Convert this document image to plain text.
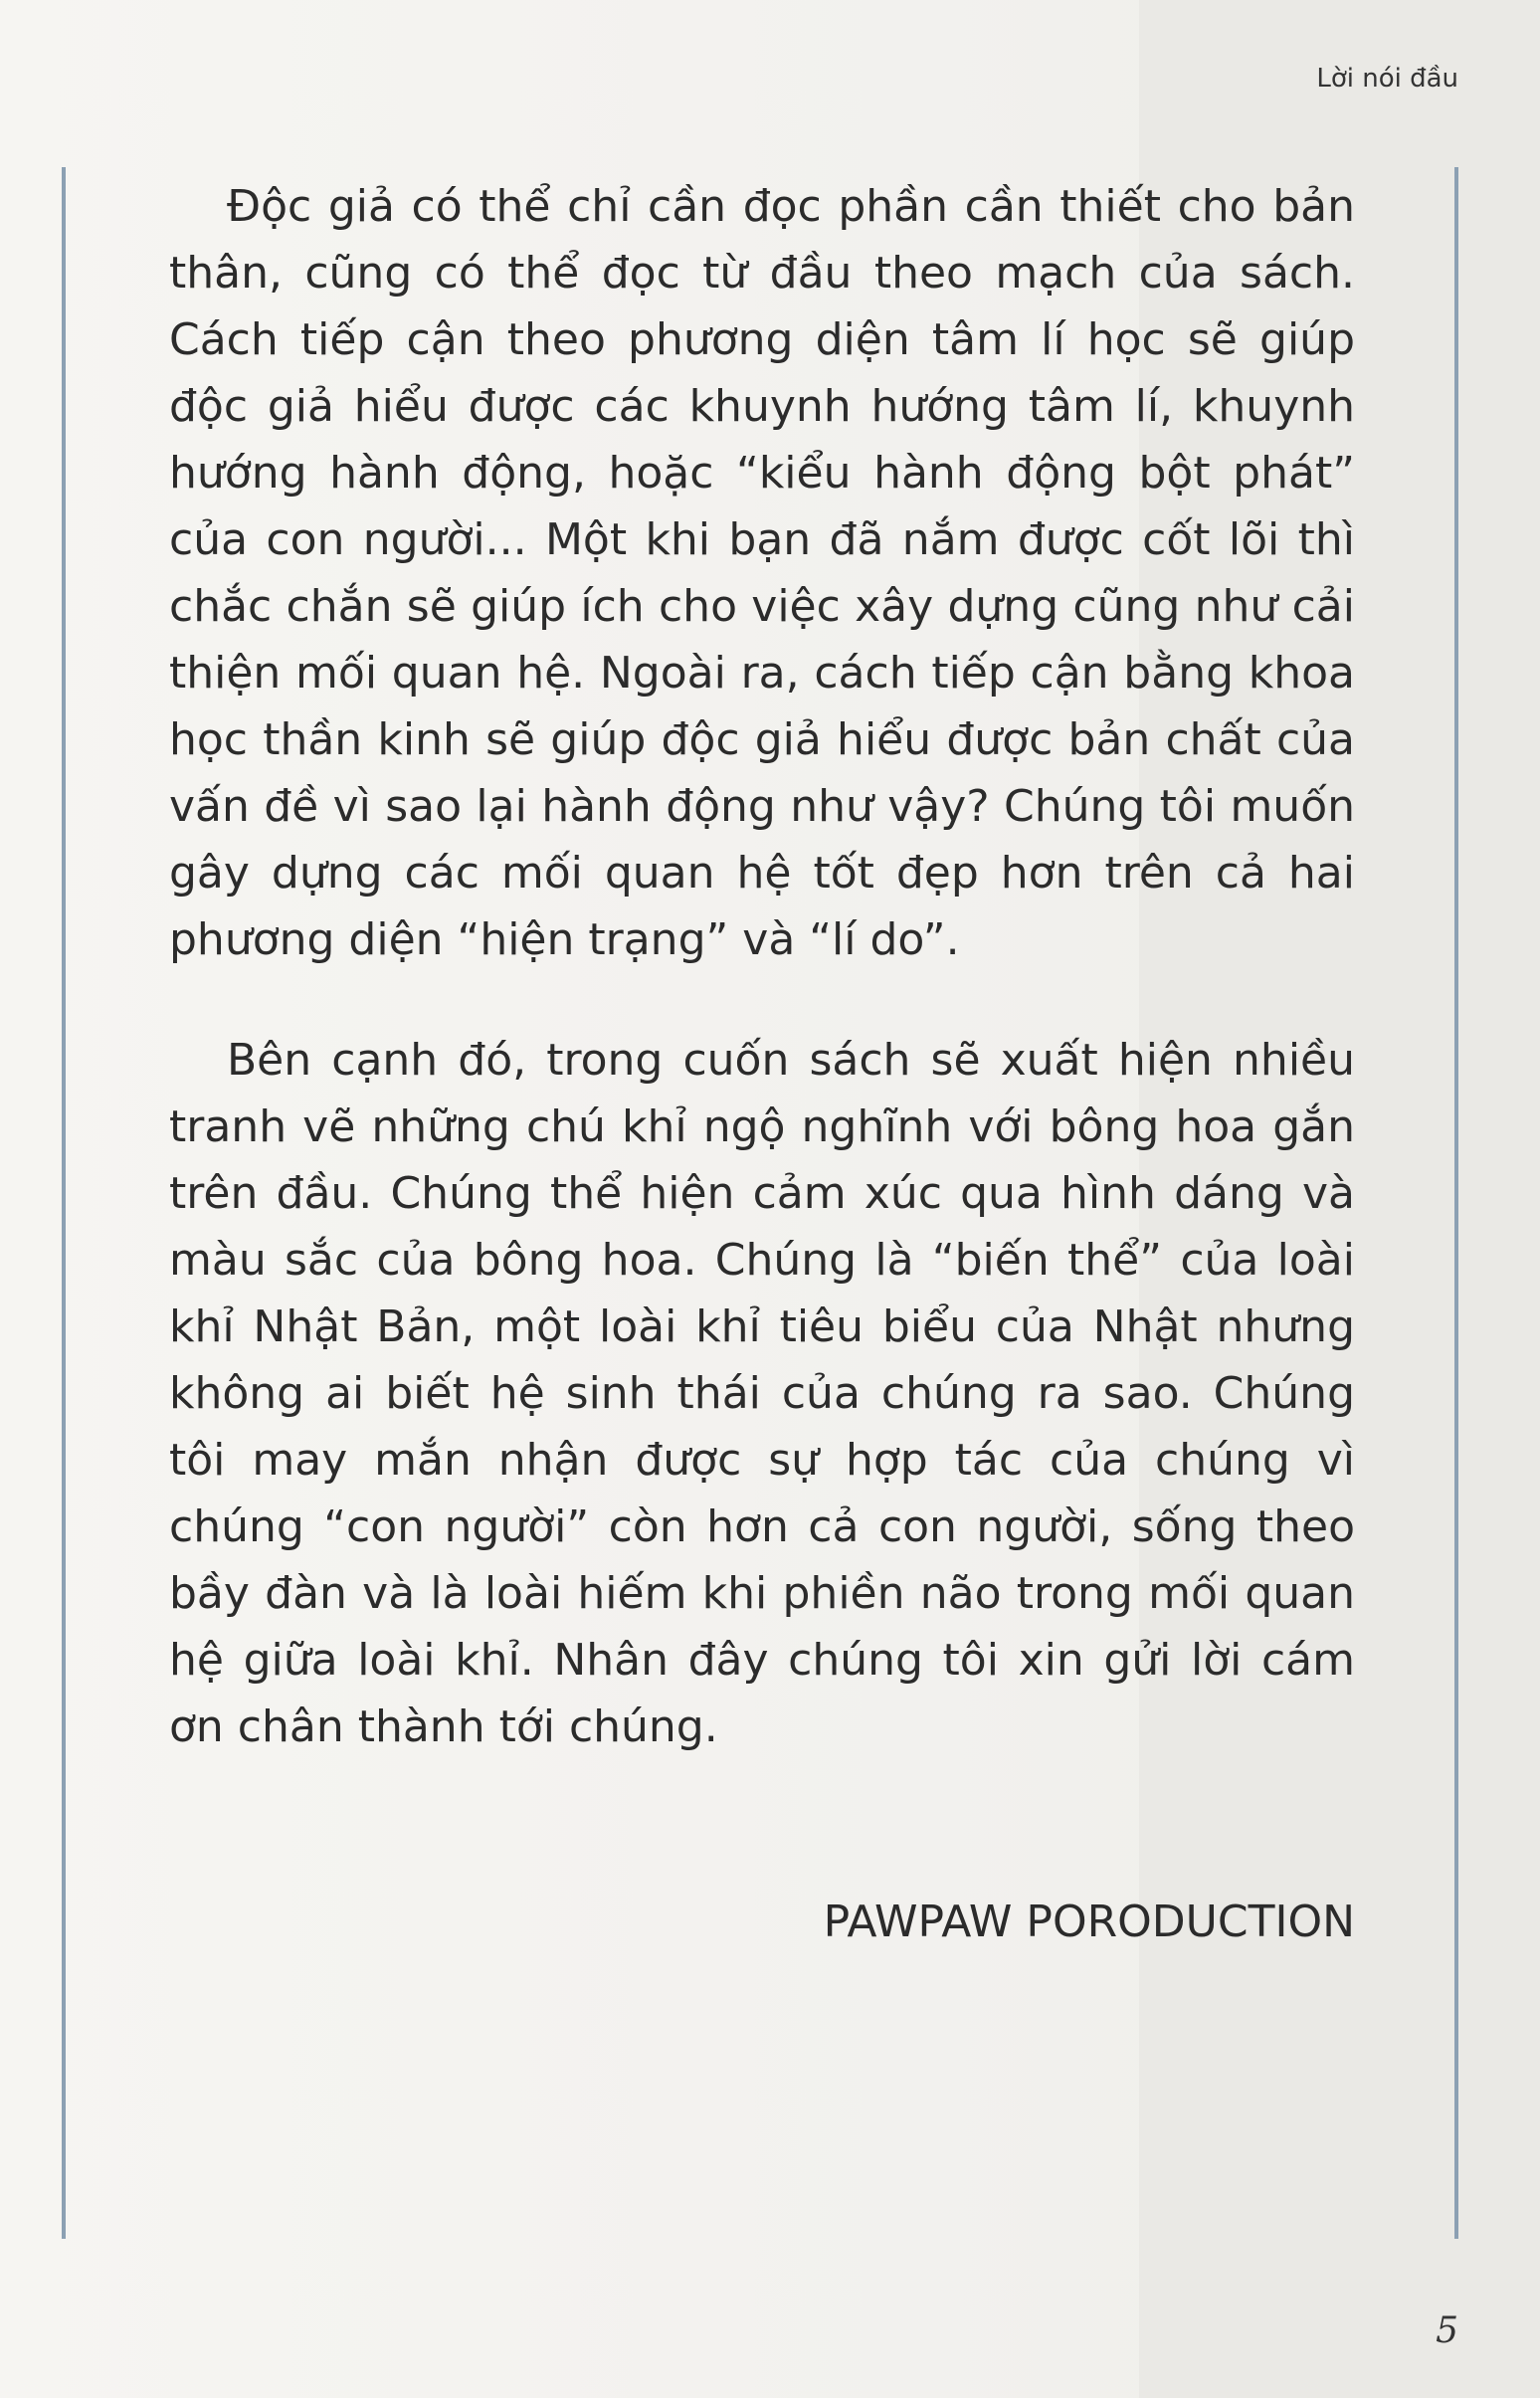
Lời nói đầu

Độc giả có thể chỉ cần đọc phần cần thiết cho bản thân, cũng có thể đọc từ đầu theo mạch của sách. Cách tiếp cận theo phương diện tâm lí học sẽ giúp độc giả hiểu được các khuynh hướng tâm lí, khuynh hướng hành động, hoặc “kiểu hành động bột phát” của con người... Một khi bạn đã nắm được cốt lõi thì chắc chắn sẽ giúp ích cho việc xây dựng cũng như cải thiện mối quan hệ. Ngoài ra, cách tiếp cận bằng khoa học thần kinh sẽ giúp độc giả hiểu được bản chất của vấn đề vì sao lại hành động như vậy? Chúng tôi muốn gây dựng các mối quan hệ tốt đẹp hơn trên cả hai phương diện “hiện trạng” và “lí do”.

Bên cạnh đó, trong cuốn sách sẽ xuất hiện nhiều tranh vẽ những chú khỉ ngộ nghĩnh với bông hoa gắn trên đầu. Chúng thể hiện cảm xúc qua hình dáng và màu sắc của bông hoa. Chúng là “biến thể” của loài khỉ Nhật Bản, một loài khỉ tiêu biểu của Nhật nhưng không ai biết hệ sinh thái của chúng ra sao. Chúng tôi may mắn nhận được sự hợp tác của chúng vì chúng “con người” còn hơn cả con người, sống theo bầy đàn và là loài hiếm khi phiền não trong mối quan hệ giữa loài khỉ. Nhân đây chúng tôi xin gửi lời cám ơn chân thành tới chúng.

PAWPAW PORODUCTION
5
